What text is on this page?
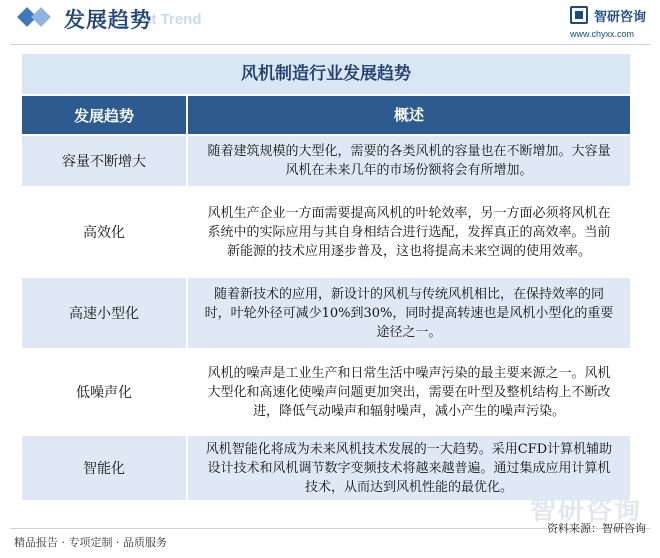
ent Trend
发展趋势	智研咨询
www.chyxx.com
风机制造行业发展趋势
发展趋势	概述
容量不断增大
随着建筑规模的大型化，需要的各类风机的容量也在不断增加。大容量风机在未来几年的市场份额将会有所增加。
高效化
风机生产企业一方面需要提高风机的叶轮效率，另一方面必须将风机在系统中的实际应用与其自身相结合进行选配，发挥真正的高效率。当前新能源的技术应用逐步普及，这也将提高未来空调的使用效率。
高速小型化
随着新技术的应用，新设计的风机与传统风机相比，在保持效率的同时，叶轮外径可减少10%到30%，同时提高转速也是风机小型化的重要途径之一。
低噪声化
风机的噪声是工业生产和日常生活中噪声污染的最主要来源之一。风机大型化和高速化使噪声问题更加突出，需要在叶型及整机结构上不断改进，降低气动噪声和辐射噪声，减小产生的噪声污染。
智能化
风机智能化将成为未来风机技术发展的一大趋势。采用CFD计算机辅助设计技术和风机调节数字变频技术将越来越普遍。通过集成应用计算机技术，从而达到风机性能的最优化。
智研咨询
精品报告 · 专项定制 · 品质服务
资料来源：智研咨询
